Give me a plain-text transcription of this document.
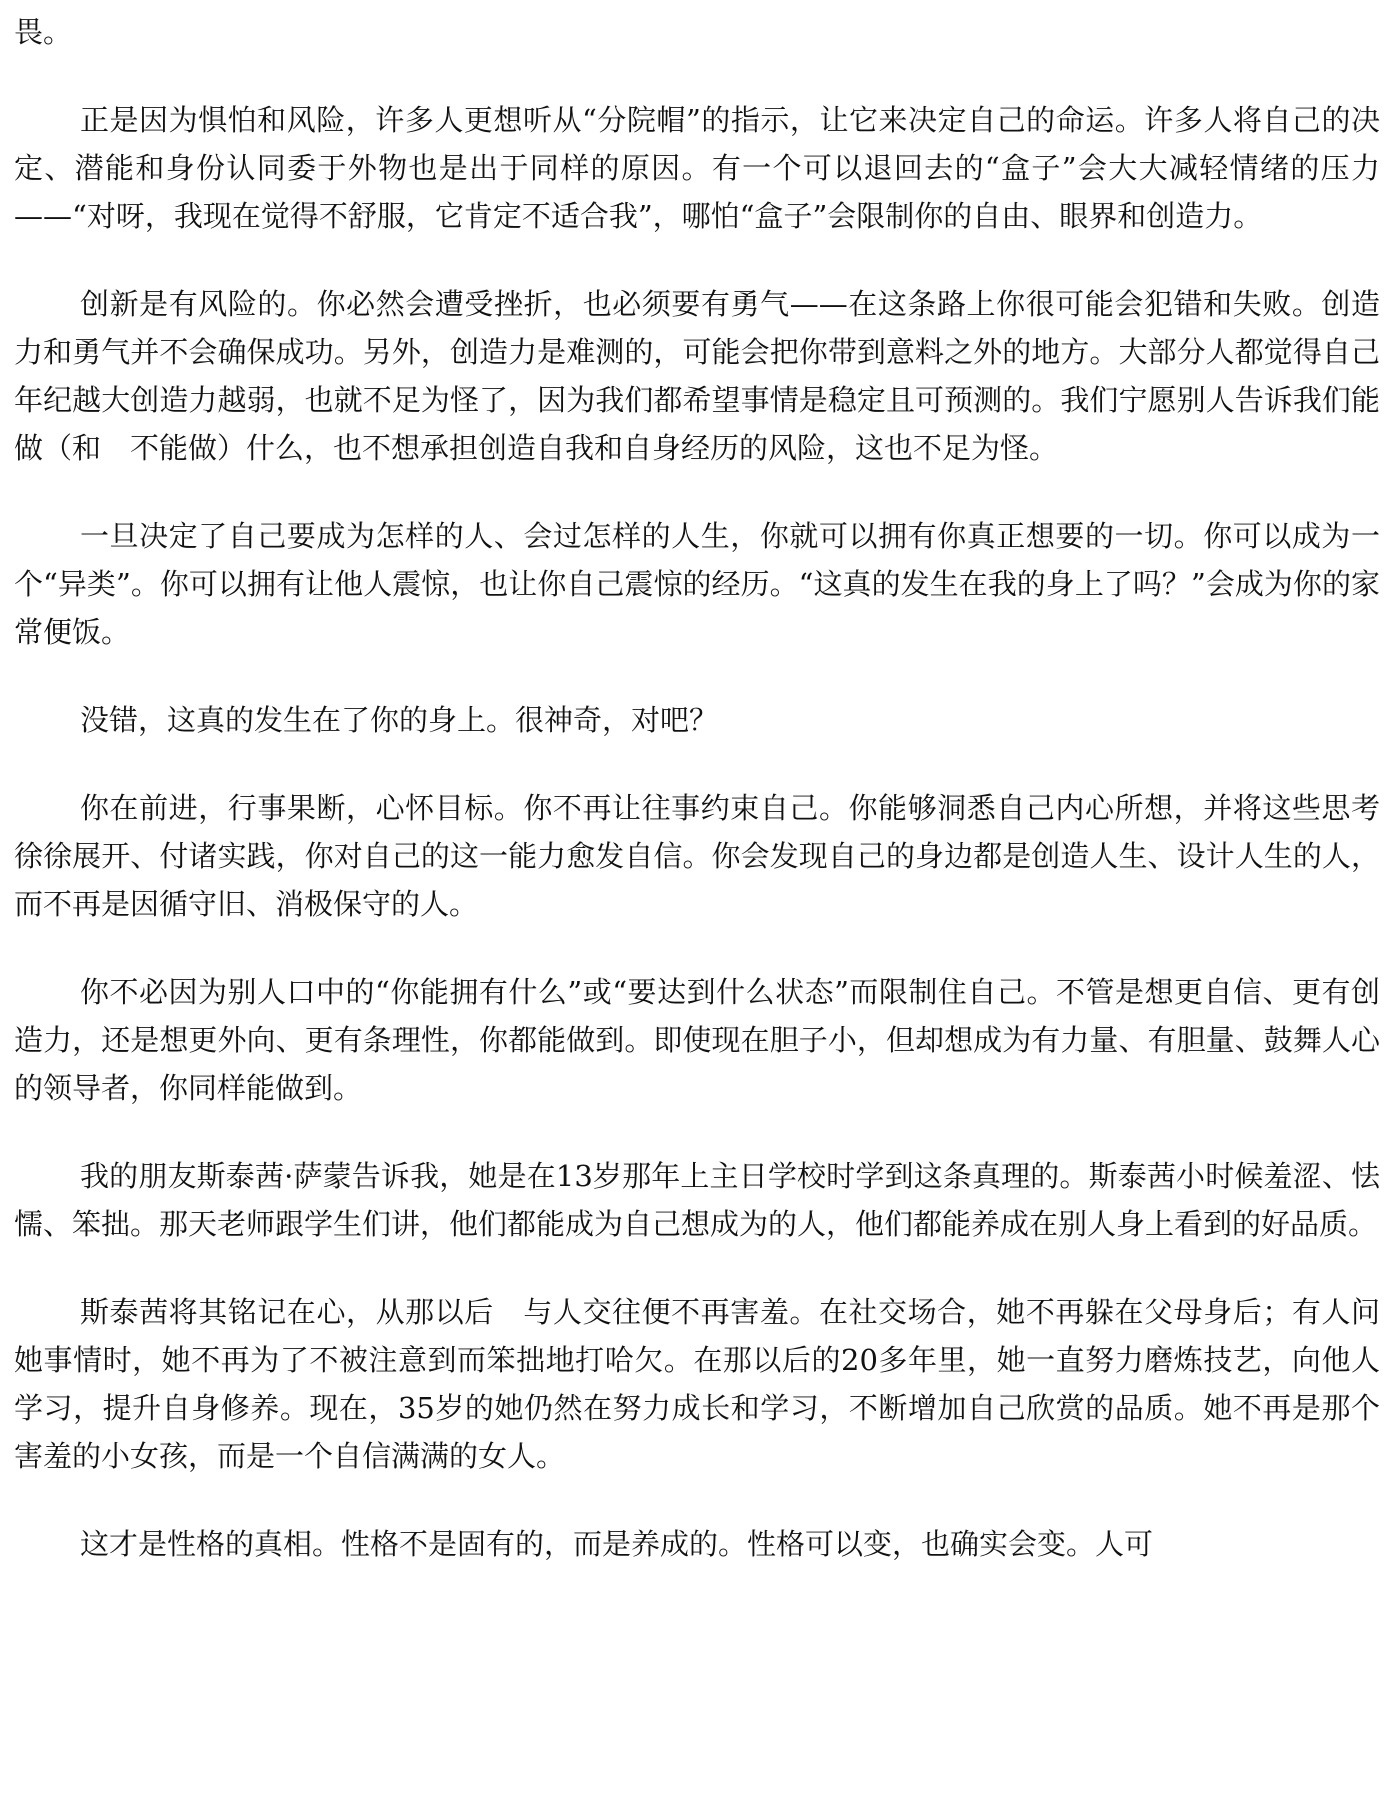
畏。

正是因为惧怕和风险，许多人更想听从“分院帽”的指示，让它来决定自己的命运。许多人将自己的决定、潜能和身份认同委于外物也是出于同样的原因。有一个可以退回去的“盒子”会大大减轻情绪的压力——“对呀，我现在觉得不舒服，它肯定不适合我”，哪怕“盒子”会限制你的自由、眼界和创造力。

创新是有风险的。你必然会遭受挫折，也必须要有勇气——在这条路上你很可能会犯错和失败。创造力和勇气并不会确保成功。另外，创造力是难测的，可能会把你带到意料之外的地方。大部分人都觉得自己年纪越大创造力越弱，也就不足为怪了，因为我们都希望事情是稳定且可预测的。我们宁愿别人告诉我们能做（和　不能做）什么，也不想承担创造自我和自身经历的风险，这也不足为怪。

一旦决定了自己要成为怎样的人、会过怎样的人生，你就可以拥有你真正想要的一切。你可以成为一个“异类”。你可以拥有让他人震惊，也让你自己震惊的经历。“这真的发生在我的身上了吗？”会成为你的家常便饭。

没错，这真的发生在了你的身上。很神奇，对吧？

你在前进，行事果断，心怀目标。你不再让往事约束自己。你能够洞悉自己内心所想，并将这些思考徐徐展开、付诸实践，你对自己的这一能力愈发自信。你会发现自己的身边都是创造人生、设计人生的人，而不再是因循守旧、消极保守的人。

你不必因为别人口中的“你能拥有什么”或“要达到什么状态”而限制住自己。不管是想更自信、更有创造力，还是想更外向、更有条理性，你都能做到。即使现在胆子小，但却想成为有力量、有胆量、鼓舞人心的领导者，你同样能做到。

我的朋友斯泰茜·萨蒙告诉我，她是在13岁那年上主日学校时学到这条真理的。斯泰茜小时候羞涩、怯懦、笨拙。那天老师跟学生们讲，他们都能成为自己想成为的人，他们都能养成在别人身上看到的好品质。

斯泰茜将其铭记在心，从那以后　与人交往便不再害羞。在社交场合，她不再躲在父母身后；有人问她事情时，她不再为了不被注意到而笨拙地打哈欠。在那以后的20多年里，她一直努力磨炼技艺，向他人学习，提升自身修养。现在，35岁的她仍然在努力成长和学习，不断增加自己欣赏的品质。她不再是那个害羞的小女孩，而是一个自信满满的女人。

这才是性格的真相。性格不是固有的，而是养成的。性格可以变，也确实会变。人可
